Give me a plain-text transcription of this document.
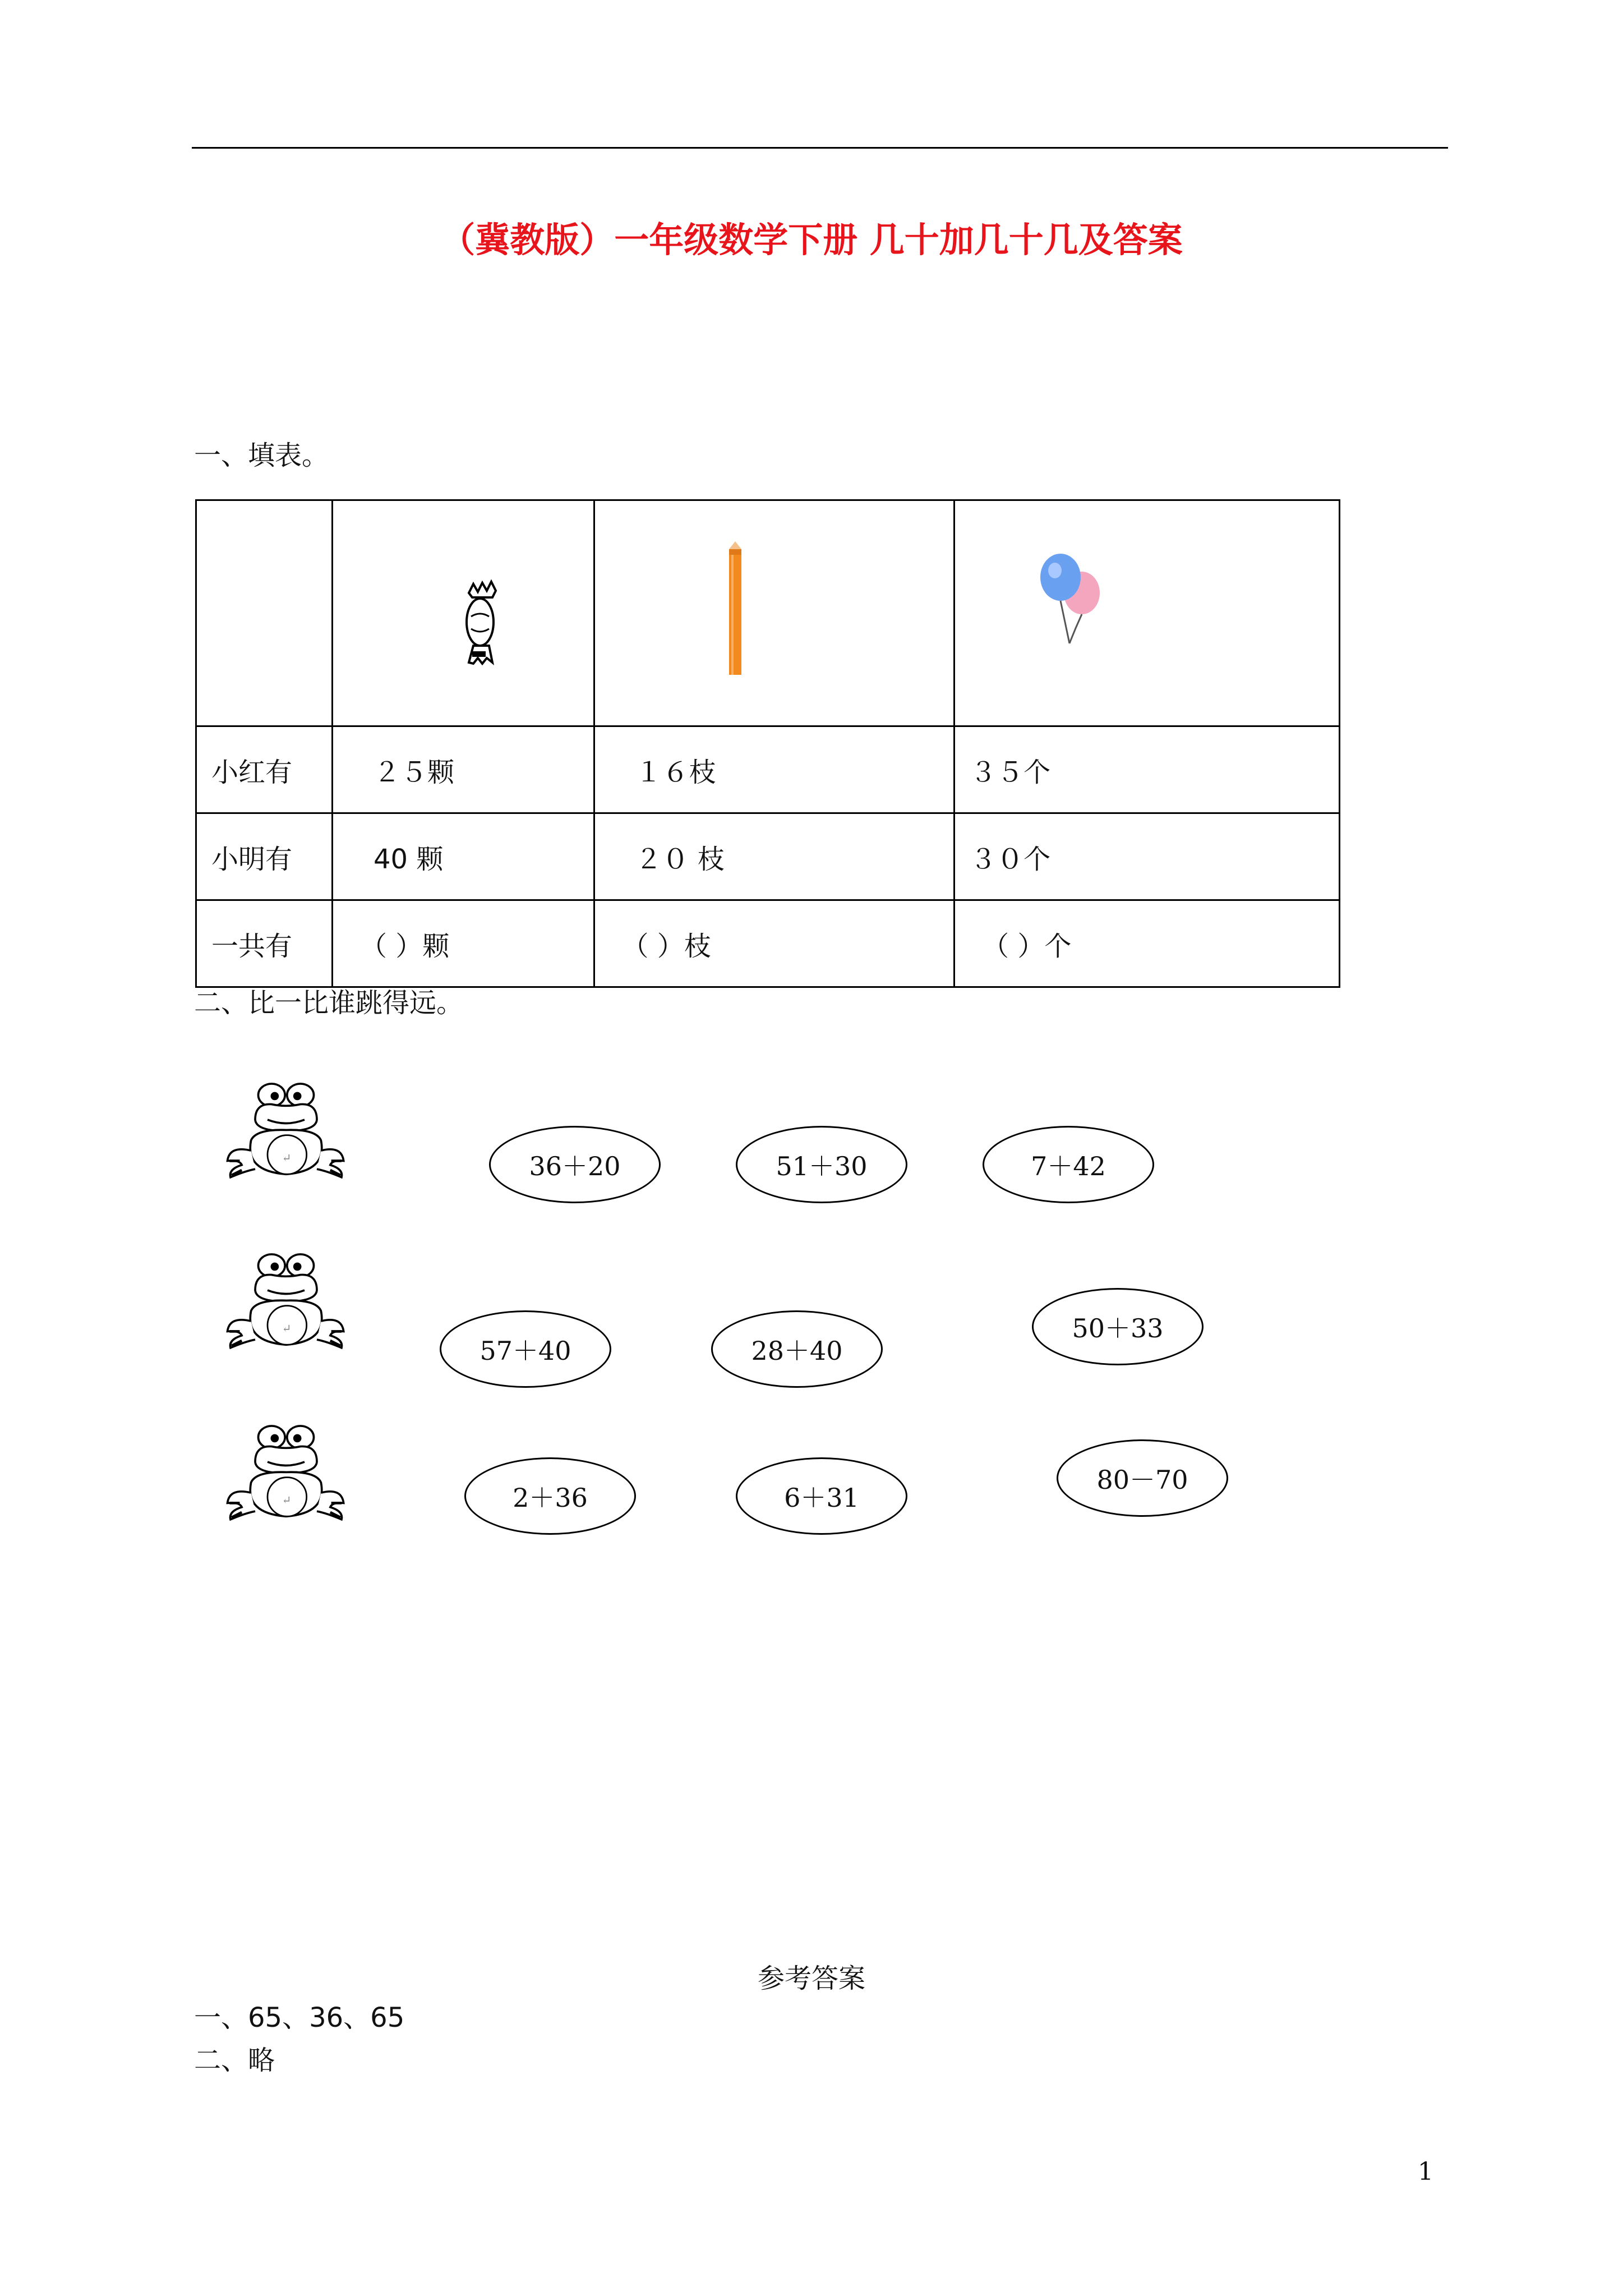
（冀教版）一年级数学下册 几十加几十几及答案
一、填表。

小红有	２５颗	１６枝	３５个
小明有	40 颗	２０ 枝	３０个
一共有	（ ）颗	（ ）枝	（ ）个
二、比一比谁跳得远。
↵	36＋20	51＋30	7＋42
↵
57＋40	28＋40
50＋33
↵	2＋36	6＋31
80－70
参考答案
一、65、36、65
二、略
1
